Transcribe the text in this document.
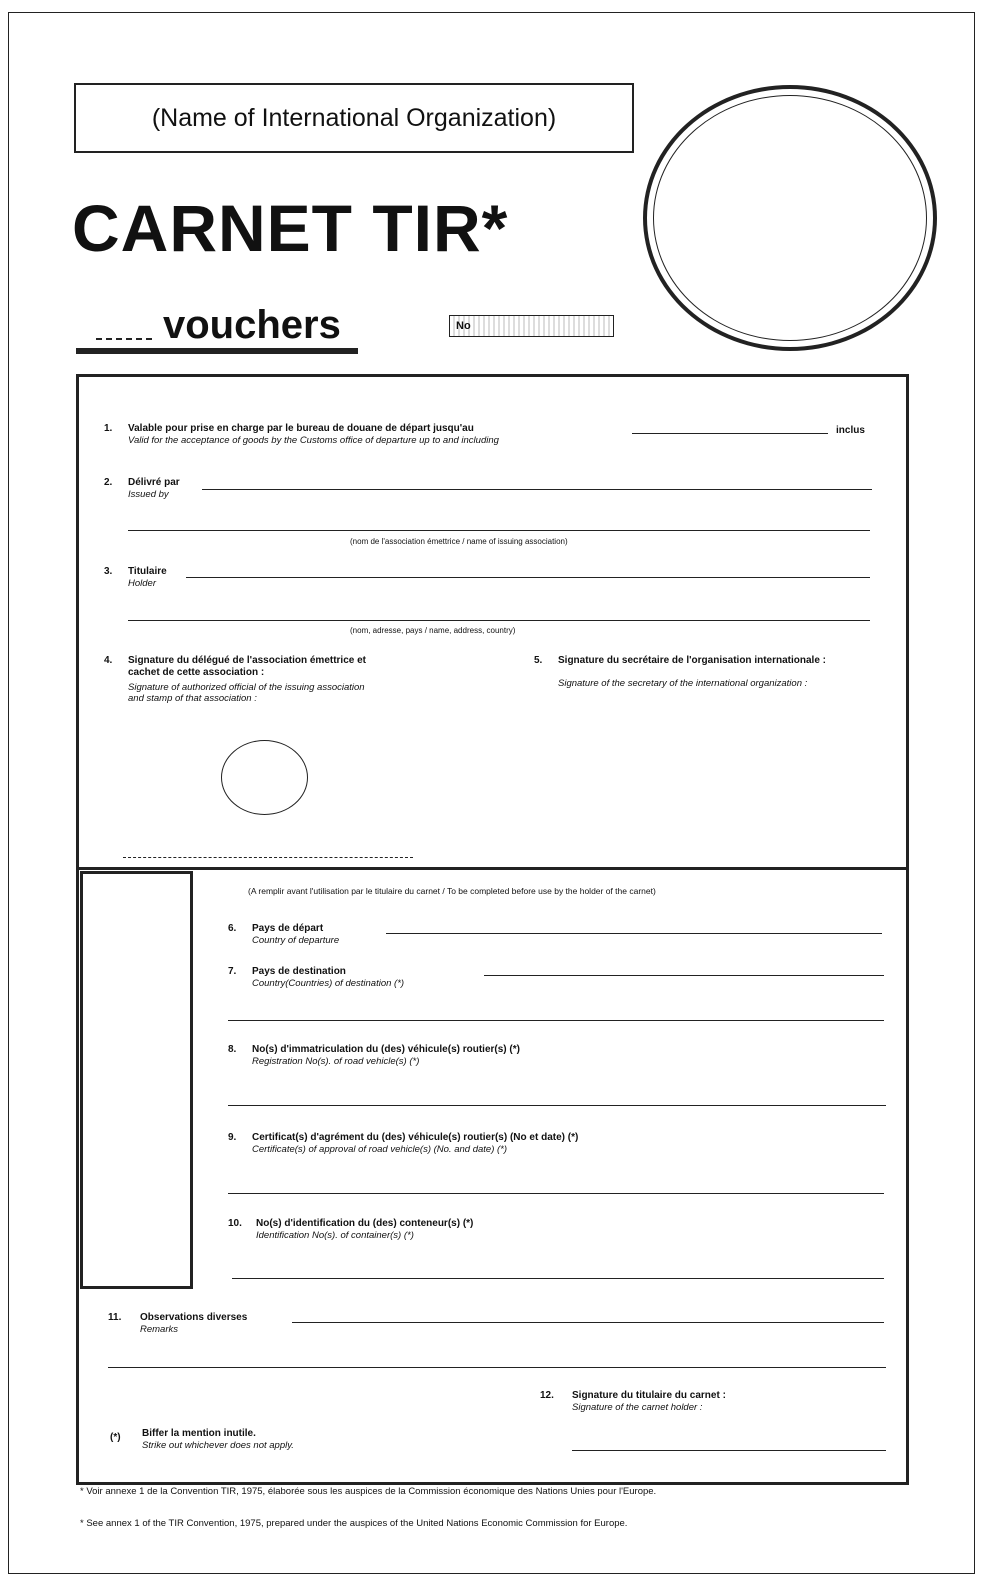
(Name of International Organization)
CARNET TIR*
vouchers	No
1. Valable pour prise en charge par le bureau de douane de départ jusqu'au	inclus
Valid for the acceptance of goods by the Customs office of departure up to and including
2. Délivré par
Issued by
(nom de l'association émettrice / name of issuing association)
3. Titulaire
Holder
(nom, adresse, pays / name, address, country)
4. Signature du délégué de l'association émettrice et cachet de cette association :
Signature of authorized official of the issuing association and stamp of that association :
5. Signature du secrétaire de l'organisation internationale :
Signature of the secretary of the international organization :
(A remplir avant l'utilisation par le titulaire du carnet / To be completed before use by the holder of the carnet)
6. Pays de départ
Country of departure
7. Pays de destination
Country(Countries) of destination (*)
8. No(s) d'immatriculation du (des) véhicule(s) routier(s) (*)
Registration No(s). of road vehicle(s) (*)
9. Certificat(s) d'agrément du (des) véhicule(s) routier(s) (No et date) (*)
Certificate(s) of approval of road vehicle(s) (No. and date) (*)
10. No(s) d'identification du (des) conteneur(s) (*)
Identification No(s). of container(s) (*)
11. Observations diverses
Remarks
12. Signature du titulaire du carnet :
Signature of the carnet holder :
(*) Biffer la mention inutile.
Strike out whichever does not apply.
* Voir annexe 1 de la Convention TIR, 1975, élaborée sous les auspices de la Commission économique des Nations Unies pour l'Europe.
* See annex 1 of the TIR Convention, 1975, prepared under the auspices of the United Nations Economic Commission for Europe.
